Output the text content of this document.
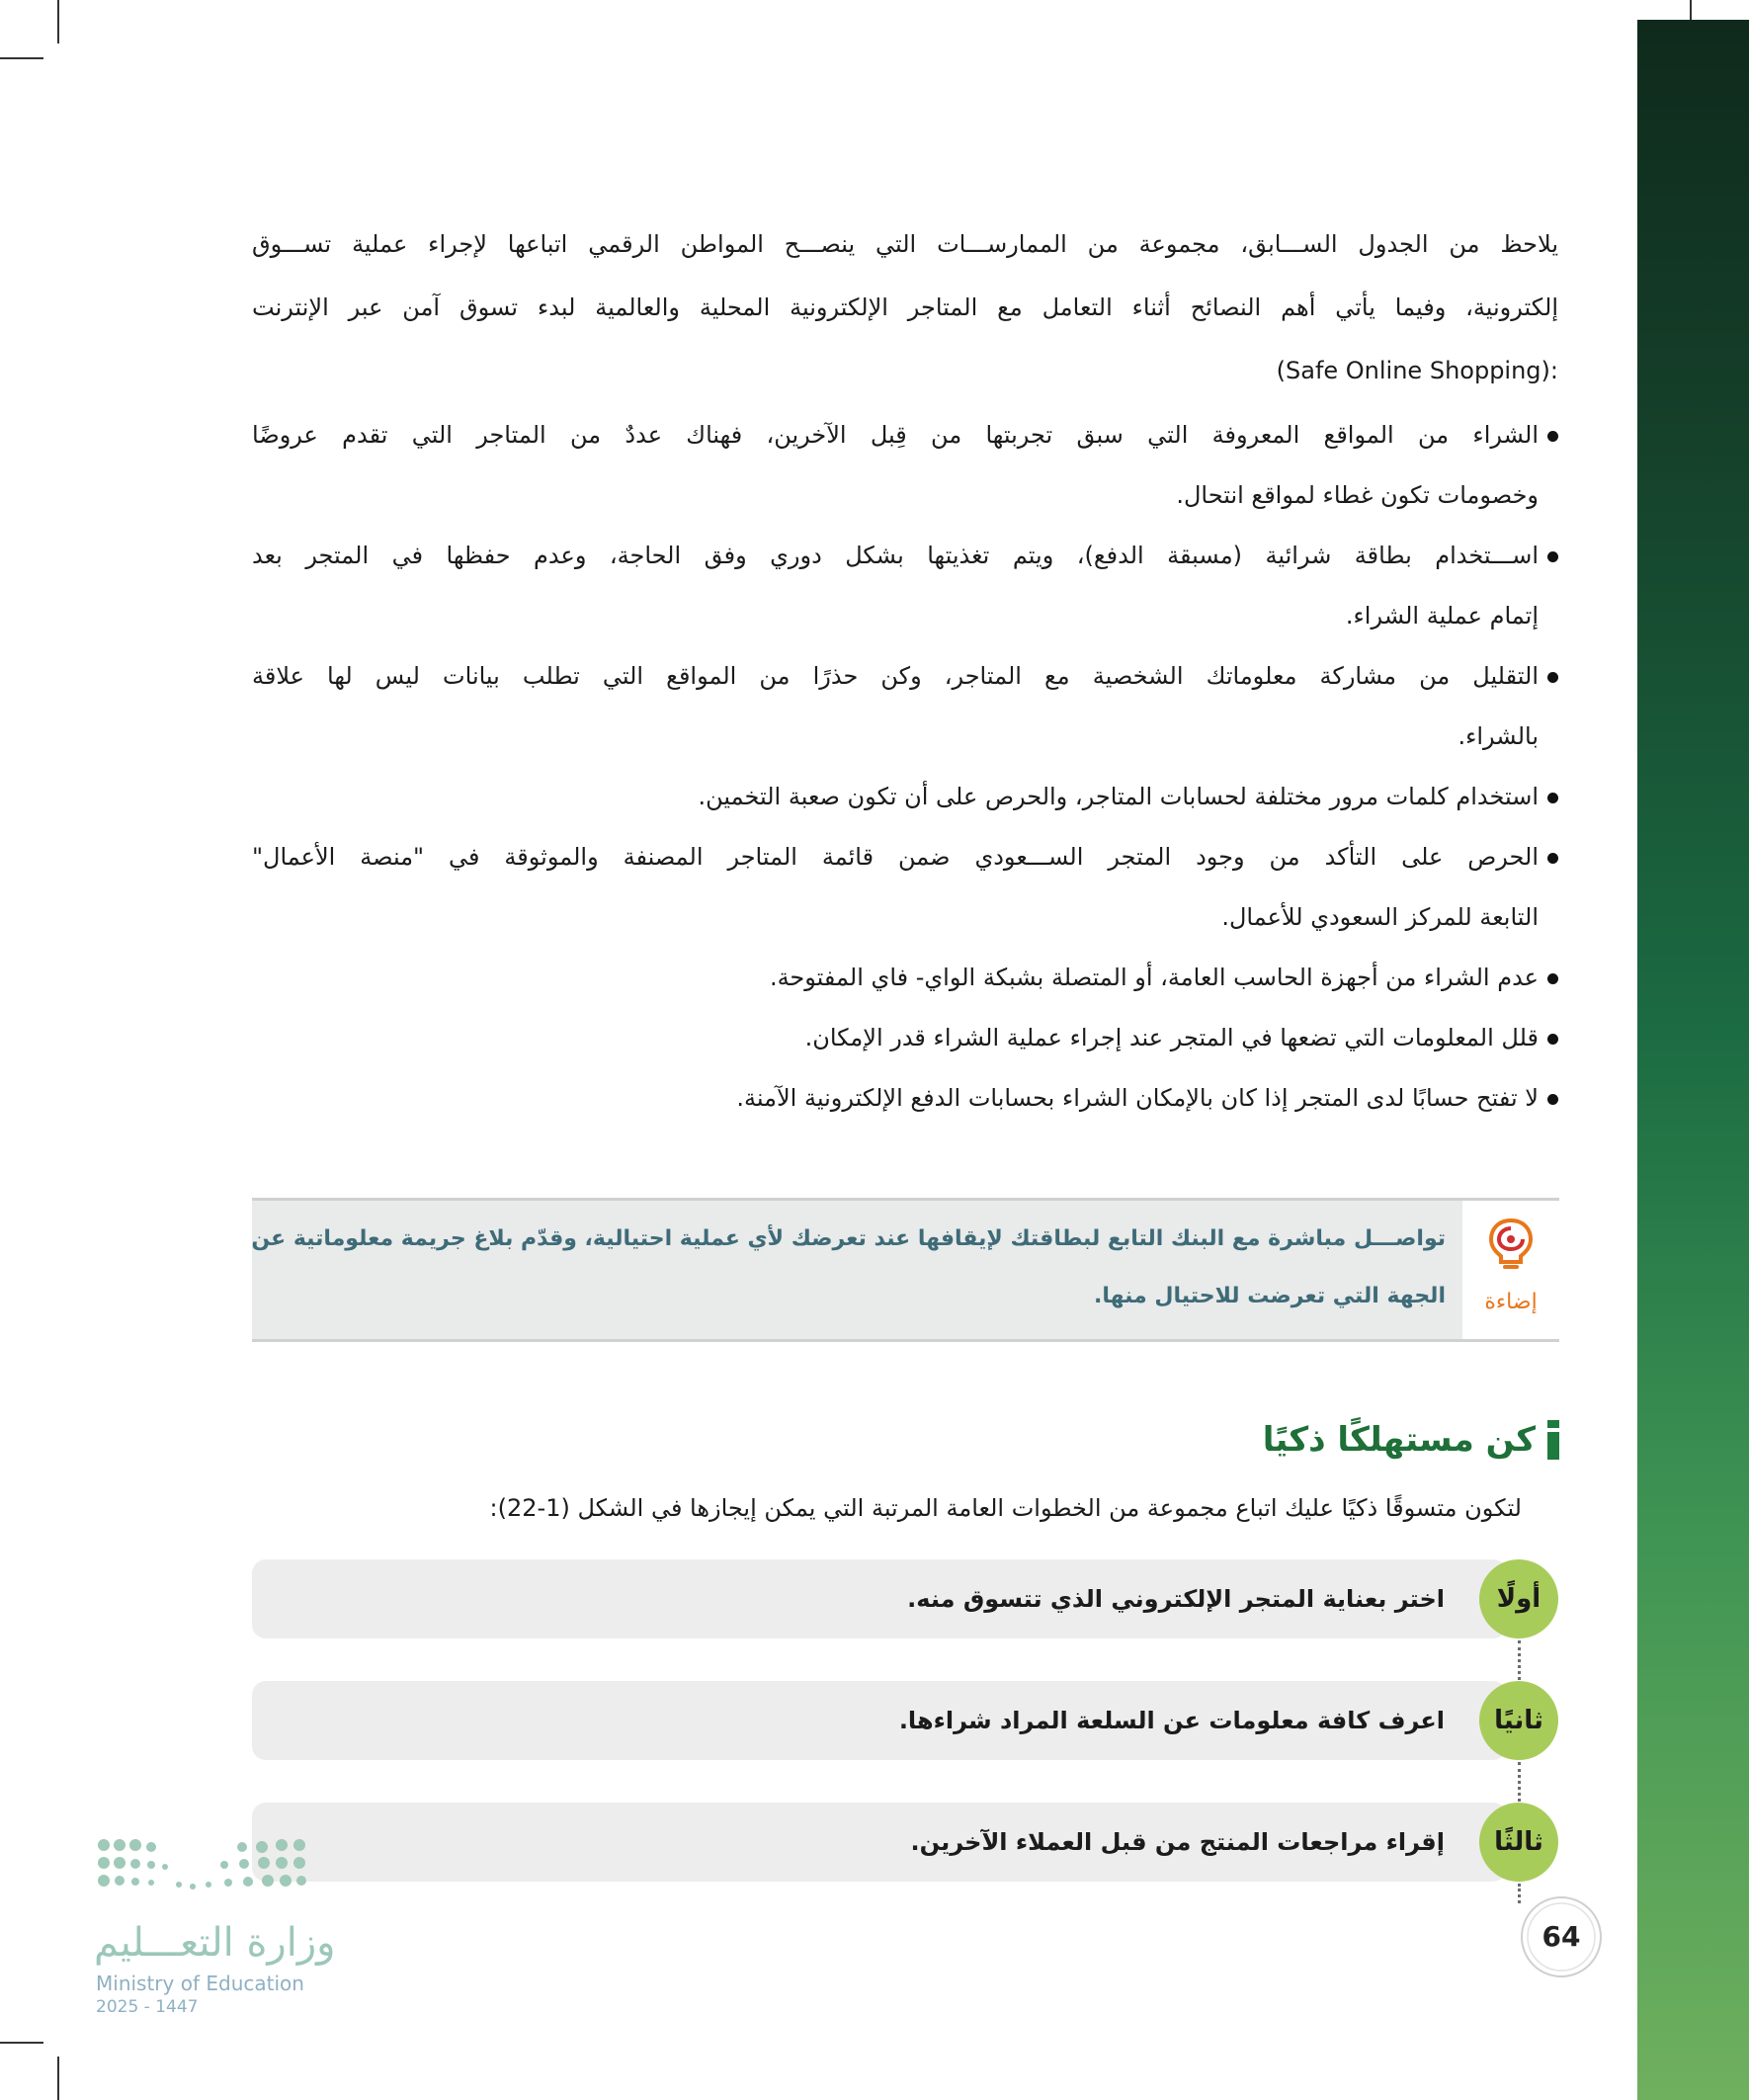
يلاحظ من الجدول الســـابق، مجموعة من الممارســـات التي ينصـــح المواطن الرقمي اتباعها لإجراء عملية تســـوق
إلكترونية، وفيما يأتي أهم النصائح أثناء التعامل مع المتاجر الإلكترونية المحلية والعالمية لبدء تسوق آمن عبر الإنترنت
:(Safe Online Shopping)
الشراء من المواقع المعروفة التي سبق تجربتها من قِبل الآخرين، فهناك عددٌ من المتاجر التي تقدم عروضًا
وخصومات تكون غطاء لمواقع انتحال.
اســـتخدام بطاقة شرائية (مسبقة الدفع)، ويتم تغذيتها بشكل دوري وفق الحاجة، وعدم حفظها في المتجر بعد
إتمام عملية الشراء.
التقليل من مشاركة معلوماتك الشخصية مع المتاجر، وكن حذرًا من المواقع التي تطلب بيانات ليس لها علاقة
بالشراء.
استخدام كلمات مرور مختلفة لحسابات المتاجر، والحرص على أن تكون صعبة التخمين.
الحرص على التأكد من وجود المتجر الســـعودي ضمن قائمة المتاجر المصنفة والموثوقة في "منصة الأعمال"
التابعة للمركز السعودي للأعمال.
عدم الشراء من أجهزة الحاسب العامة، أو المتصلة بشبكة الواي- فاي المفتوحة.
قلل المعلومات التي تضعها في المتجر عند إجراء عملية الشراء قدر الإمكان.
لا تفتح حسابًا لدى المتجر إذا كان بالإمكان الشراء بحسابات الدفع الإلكترونية الآمنة.
إضاءة
تواصـــل مباشرة مع البنك التابع لبطاقتك لإيقافها عند تعرضك لأي عملية احتيالية، وقدّم بلاغ جريمة معلوماتية عن
الجهة التي تعرضت للاحتيال منها.
كن مستهلكًا ذكيًا
لتكون متسوقًا ذكيًا عليك اتباع مجموعة من الخطوات العامة المرتبة التي يمكن إيجازها في الشكل (1-22):
أولًا
اختر بعناية المتجر الإلكتروني الذي تتسوق منه.
ثانيًا
اعرف كافة معلومات عن السلعة المراد شراءها.
ثالثًا
إقراء مراجعات المنتج من قبل العملاء الآخرين.
64
وزارة التعـــليم
Ministry of Education
2025 - 1447
